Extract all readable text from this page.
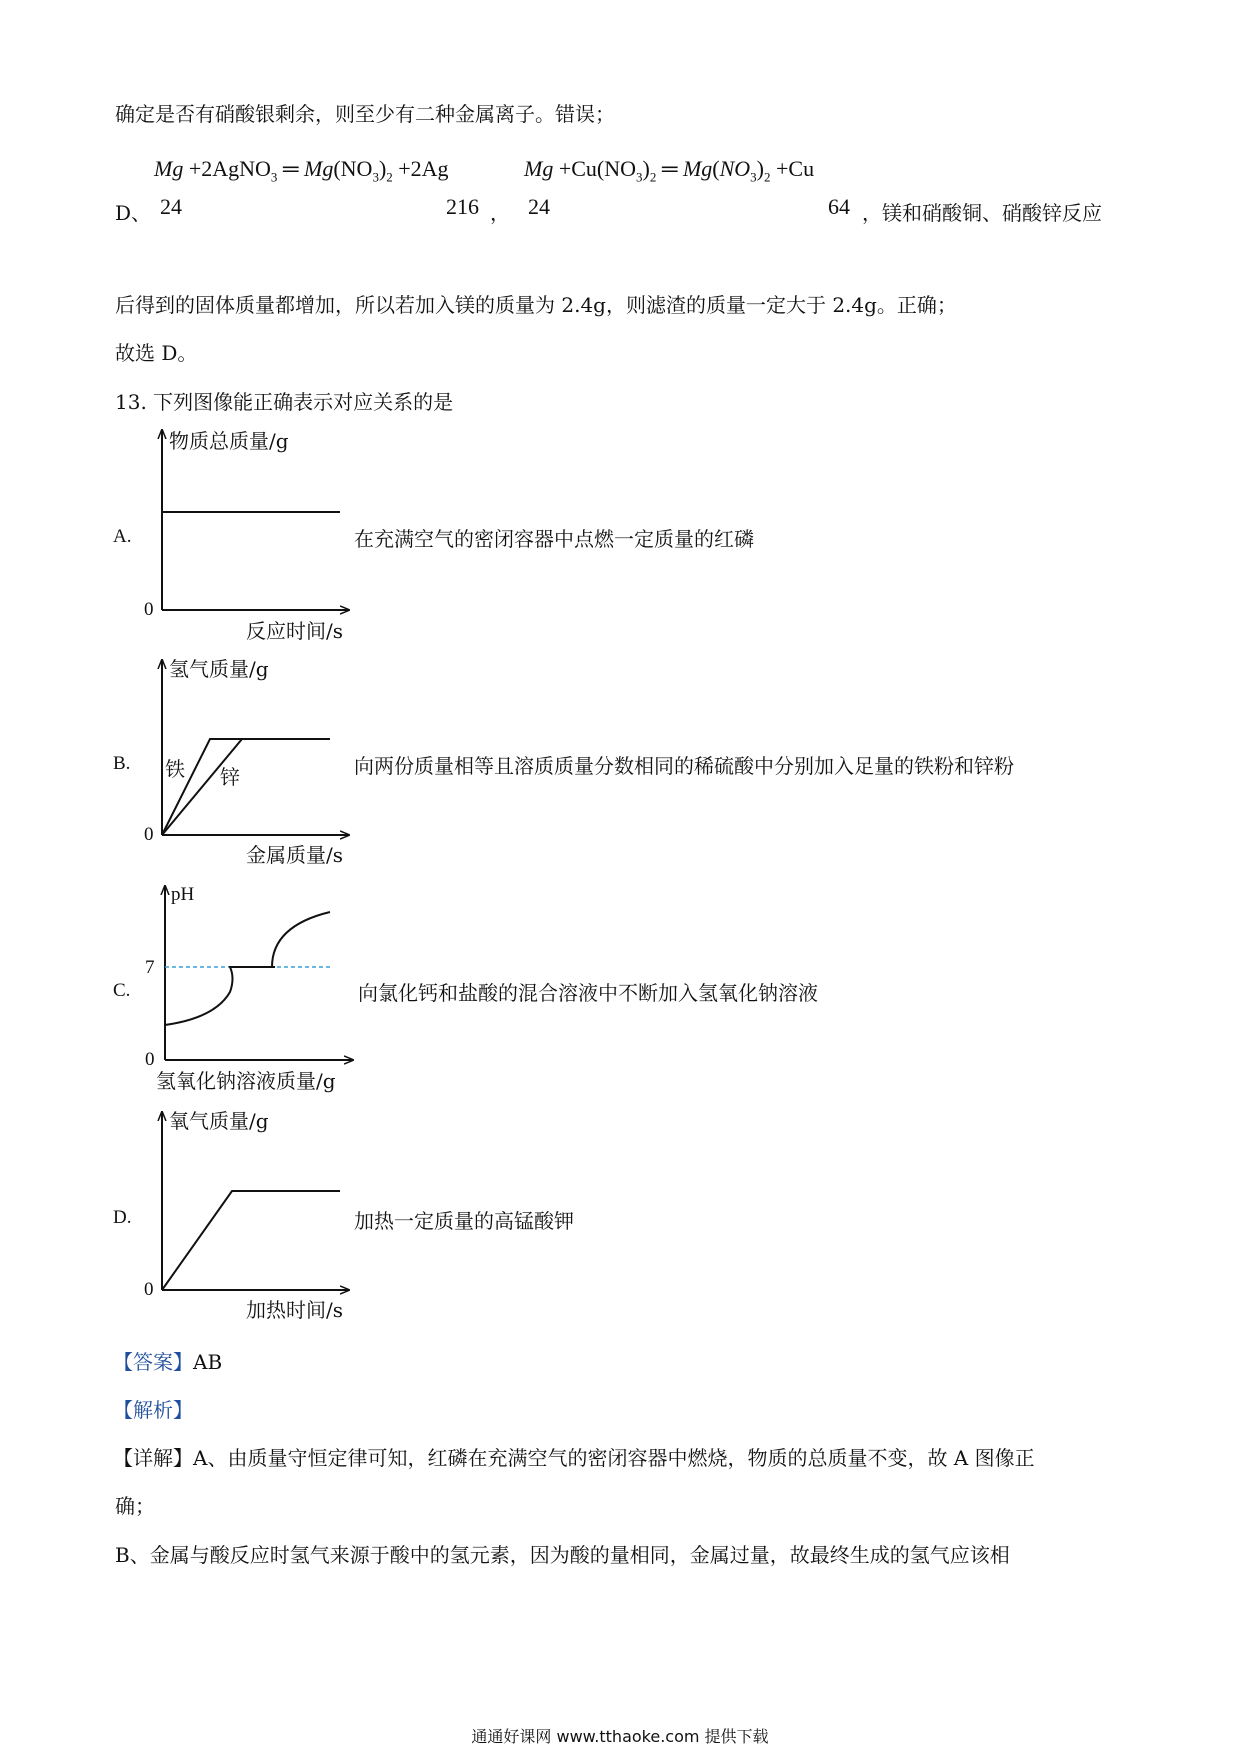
确定是否有硝酸银剩余，则至少有二种金属离子。错误；
Mg +2AgNO$_3$ ═ $Mg(NO_3)_2 +2Ag$	$Mg +Cu(NO_3)_2$ ═ $Mg(NO_3)_2 +Cu$
D、 24	216 ， 24	64 ，镁和硝酸铜、硝酸锌反应
后得到的固体质量都增加，所以若加入镁的质量为 2.4g，则滤渣的质量一定大于 2.4g。正确；
故选 D。
13. 下列图像能正确表示对应关系的是
A.
物质总质量/g
反应时间/s
0
在充满空气的密闭容器中点燃一定质量的红磷
B.
氢气质量/g
金属质量/s
0
铁 锌	向两份质量相等且溶质质量分数相同的稀硫酸中分别加入足量的铁粉和锌粉
C.
pH
氢氧化钠溶液质量/g
0
7
向氯化钙和盐酸的混合溶液中不断加入氢氧化钠溶液
D.
氧气质量/g
加热时间/s
0
加热一定质量的高锰酸钾
【答案】AB
【解析】
【详解】A、由质量守恒定律可知，红磷在充满空气的密闭容器中燃烧，物质的总质量不变，故 A 图像正
确；
B、金属与酸反应时氢气来源于酸中的氢元素，因为酸的量相同，金属过量，故最终生成的氢气应该相
通通好课网 www.tthaoke.com 提供下载
